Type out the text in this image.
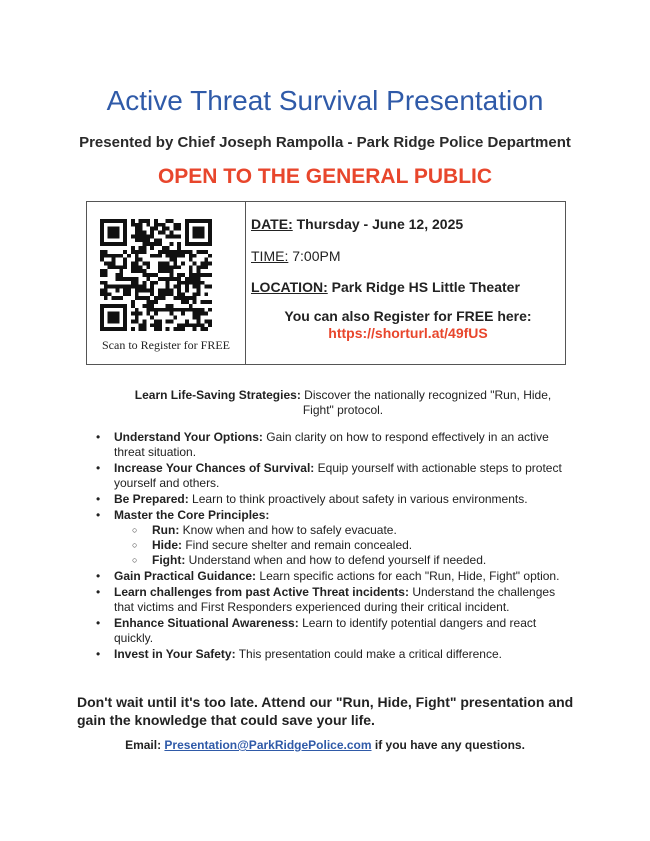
Active Threat Survival Presentation
Presented by Chief Joseph Rampolla - Park Ridge Police Department
OPEN TO THE GENERAL PUBLIC
Scan to Register for FREE
DATE: Thursday - June 12, 2025
TIME: 7:00PM
LOCATION: Park Ridge HS Little Theater
You can also Register for FREE here:
https://shorturl.at/49fUS
Learn Life-Saving Strategies: Discover the nationally recognized "Run, Hide, Fight" protocol.
•	Understand Your Options: Gain clarity on how to respond effectively in an active threat situation.
•	Increase Your Chances of Survival: Equip yourself with actionable steps to protect yourself and others.
•	Be Prepared: Learn to think proactively about safety in various environments.
•	Master the Core Principles:
○ Run: Know when and how to safely evacuate.
○ Hide: Find secure shelter and remain concealed.
○ Fight: Understand when and how to defend yourself if needed.
•	Gain Practical Guidance: Learn specific actions for each "Run, Hide, Fight" option.
•	Learn challenges from past Active Threat incidents: Understand the challenges that victims and First Responders experienced during their critical incident.
•	Enhance Situational Awareness: Learn to identify potential dangers and react quickly.
•	Invest in Your Safety: This presentation could make a critical difference.
Don't wait until it's too late. Attend our "Run, Hide, Fight" presentation and gain the knowledge that could save your life.
Email: Presentation@ParkRidgePolice.com if you have any questions.
